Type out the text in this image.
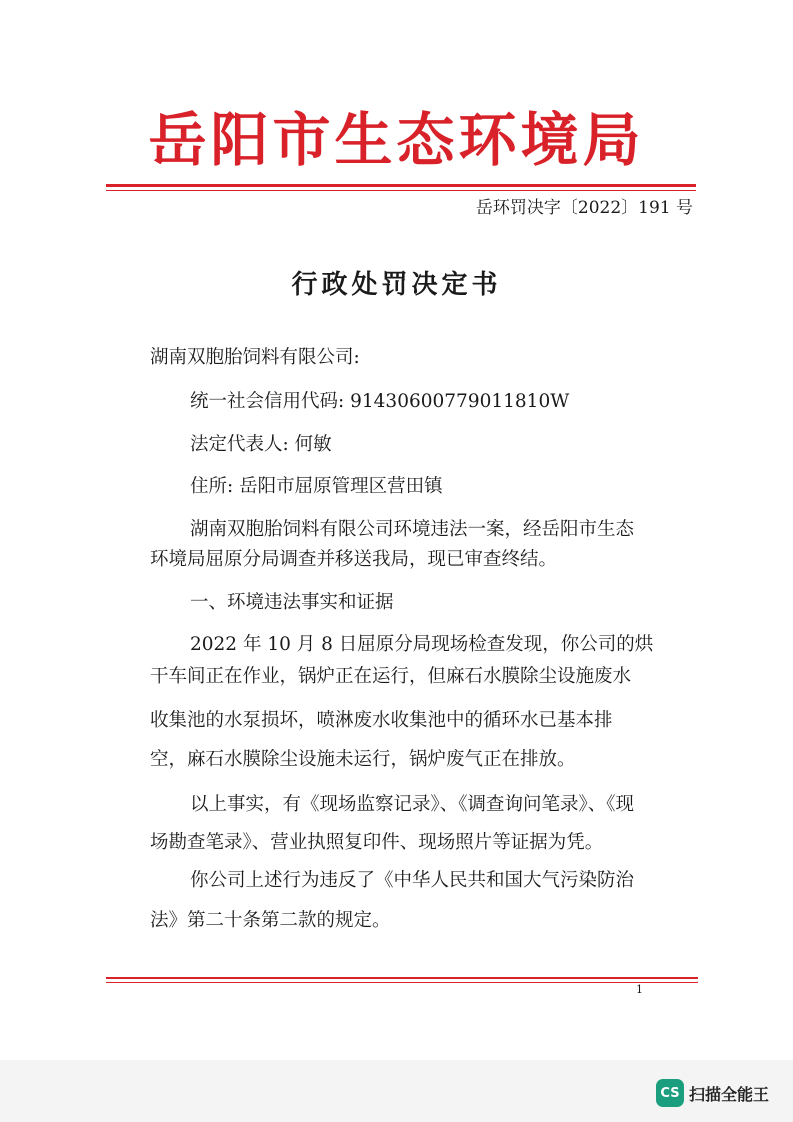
岳阳市生态环境局
岳环罚决字〔2022〕191 号
行政处罚决定书
湖南双胞胎饲料有限公司:
统一社会信用代码: 91430600779011810W
法定代表人: 何敏
住所: 岳阳市屈原管理区营田镇
湖南双胞胎饲料有限公司环境违法一案，经岳阳市生态
环境局屈原分局调查并移送我局，现已审查终结。
一、环境违法事实和证据
2022 年 10 月 8 日屈原分局现场检查发现，你公司的烘
干车间正在作业，锅炉正在运行，但麻石水膜除尘设施废水
收集池的水泵损坏，喷淋废水收集池中的循环水已基本排
空，麻石水膜除尘设施未运行，锅炉废气正在排放。
以上事实，有《现场监察记录》、《调查询问笔录》、《现
场勘查笔录》、营业执照复印件、现场照片等证据为凭。
你公司上述行为违反了《中华人民共和国大气污染防治
法》第二十条第二款的规定。
1
CS 扫描全能王
